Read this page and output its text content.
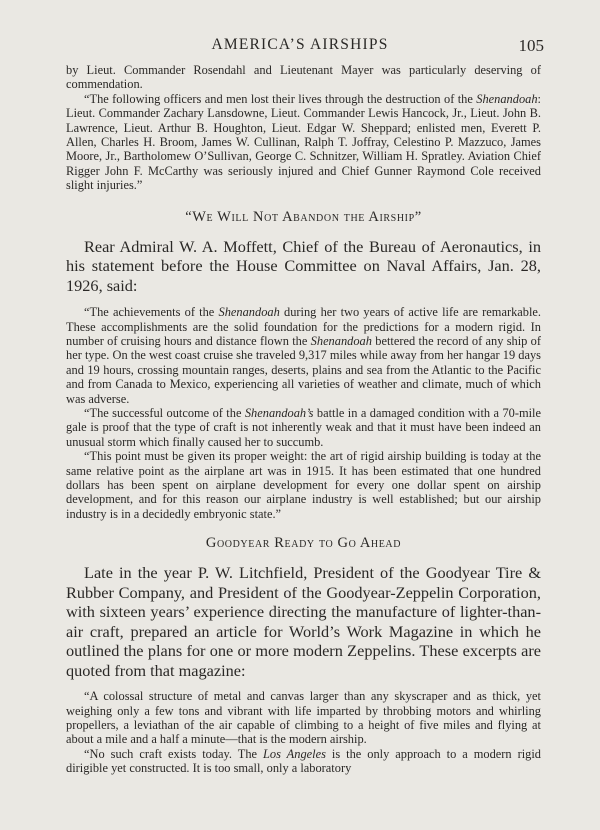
AMERICA’S AIRSHIPS	105

by Lieut. Commander Rosendahl and Lieutenant Mayer was particularly deserving of commendation.

“The following officers and men lost their lives through the destruction of the Shenandoah: Lieut. Commander Zachary Lansdowne, Lieut. Commander Lewis Hancock, Jr., Lieut. John B. Lawrence, Lieut. Arthur B. Houghton, Lieut. Edgar W. Sheppard; enlisted men, Everett P. Allen, Charles H. Broom, James W. Cullinan, Ralph T. Joffray, Celestino P. Mazzuco, James Moore, Jr., Bartholomew O’Sullivan, George C. Schnitzer, William H. Spratley. Aviation Chief Rigger John F. McCarthy was seriously injured and Chief Gunner Raymond Cole received slight injuries.”

“We Will Not Abandon the Airship”

Rear Admiral W. A. Moffett, Chief of the Bureau of Aeronautics, in his statement before the House Committee on Naval Affairs, Jan. 28, 1926, said:

“The achievements of the Shenandoah during her two years of active life are remarkable. These accomplishments are the solid foundation for the predictions for a modern rigid. In number of cruising hours and distance flown the Shenandoah bettered the record of any ship of her type. On the west coast cruise she traveled 9,317 miles while away from her hangar 19 days and 19 hours, crossing mountain ranges, deserts, plains and sea from the Atlantic to the Pacific and from Canada to Mexico, experiencing all varieties of weather and climate, much of which was adverse.

“The successful outcome of the Shenandoah’s battle in a damaged condition with a 70-mile gale is proof that the type of craft is not inherently weak and that it must have been indeed an unusual storm which finally caused her to succumb.

“This point must be given its proper weight: the art of rigid airship building is today at the same relative point as the airplane art was in 1915. It has been estimated that one hundred dollars has been spent on airplane development for every one dollar spent on airship development, and for this reason our airplane industry is well established; but our airship industry is in a decidedly embryonic state.”

Goodyear Ready to Go Ahead

Late in the year P. W. Litchfield, President of the Goodyear Tire & Rubber Company, and President of the Goodyear-Zeppelin Corporation, with sixteen years’ experience directing the manufacture of lighter-than-air craft, prepared an article for World’s Work Magazine in which he outlined the plans for one or more modern Zeppelins. These excerpts are quoted from that magazine:

“A colossal structure of metal and canvas larger than any skyscraper and as thick, yet weighing only a few tons and vibrant with life imparted by throbbing motors and whirling propellers, a leviathan of the air capable of climbing to a height of five miles and flying at about a mile and a half a minute—that is the modern airship.

“No such craft exists today. The Los Angeles is the only approach to a modern rigid dirigible yet constructed. It is too small, only a laboratory
